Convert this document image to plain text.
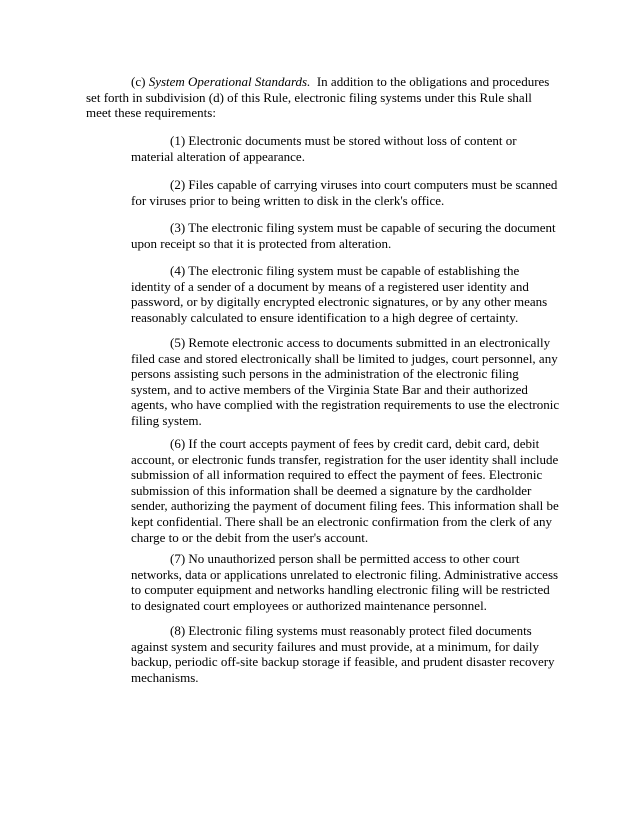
(c) System Operational Standards. In addition to the obligations and procedures
set forth in subdivision (d) of this Rule, electronic filing systems under this Rule shall
meet these requirements:
(1) Electronic documents must be stored without loss of content or
material alteration of appearance.
(2) Files capable of carrying viruses into court computers must be scanned
for viruses prior to being written to disk in the clerk's office.
(3) The electronic filing system must be capable of securing the document
upon receipt so that it is protected from alteration.
(4) The electronic filing system must be capable of establishing the
identity of a sender of a document by means of a registered user identity and
password, or by digitally encrypted electronic signatures, or by any other means
reasonably calculated to ensure identification to a high degree of certainty.
(5) Remote electronic access to documents submitted in an electronically
filed case and stored electronically shall be limited to judges, court personnel, any
persons assisting such persons in the administration of the electronic filing
system, and to active members of the Virginia State Bar and their authorized
agents, who have complied with the registration requirements to use the electronic
filing system.
(6) If the court accepts payment of fees by credit card, debit card, debit
account, or electronic funds transfer, registration for the user identity shall include
submission of all information required to effect the payment of fees. Electronic
submission of this information shall be deemed a signature by the cardholder
sender, authorizing the payment of document filing fees. This information shall be
kept confidential. There shall be an electronic confirmation from the clerk of any
charge to or the debit from the user's account.
(7) No unauthorized person shall be permitted access to other court
networks, data or applications unrelated to electronic filing. Administrative access
to computer equipment and networks handling electronic filing will be restricted
to designated court employees or authorized maintenance personnel.
(8) Electronic filing systems must reasonably protect filed documents
against system and security failures and must provide, at a minimum, for daily
backup, periodic off-site backup storage if feasible, and prudent disaster recovery
mechanisms.
